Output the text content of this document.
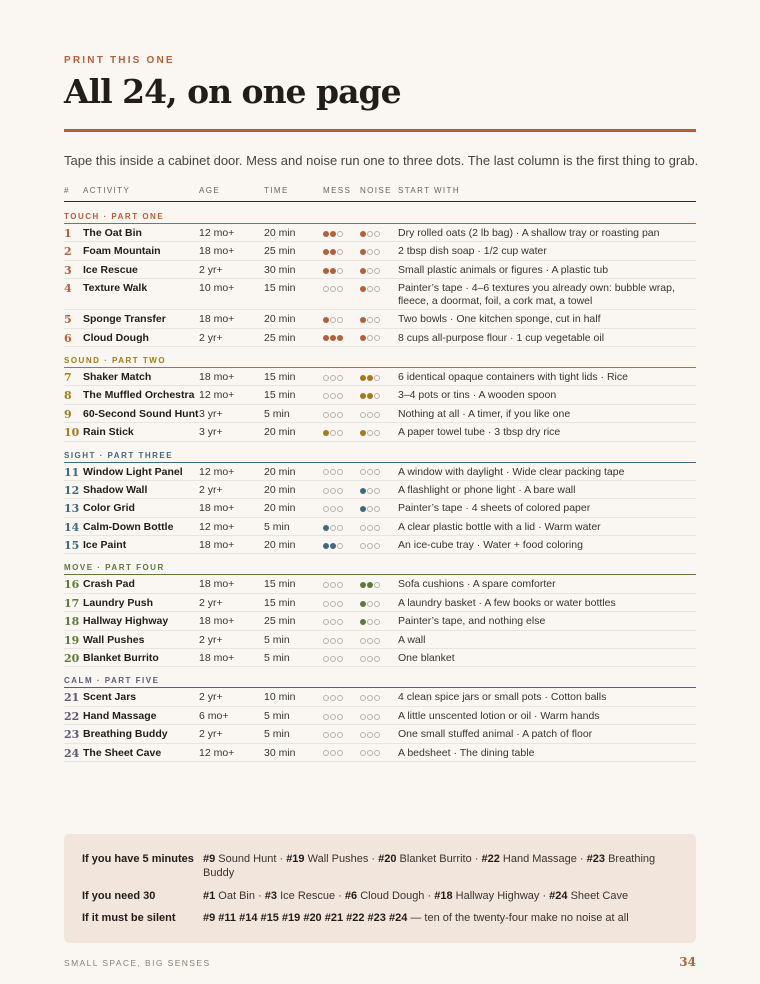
PRINT THIS ONE
All 24, on one page

Tape this inside a cabinet door. Mess and noise run one to three dots. The last column is the first thing to grab.

#	ACTIVITY	AGE	TIME	MESS NOISE START WITH
TOUCH · PART ONE
1	The Oat Bin	12 mo+	20 min	Dry rolled oats (2 lb bag) · A shallow tray or roasting pan
2	Foam Mountain	18 mo+	25 min	2 tbsp dish soap · 1/2 cup water
3	Ice Rescue	2 yr+	30 min	Small plastic animals or figures · A plastic tub
4	Texture Walk	10 mo+	15 min	Painter’s tape · 4–6 textures you already own: bubble wrap, fleece, a doormat, foil, a cork mat, a towel
5	Sponge Transfer	18 mo+	20 min	Two bowls · One kitchen sponge, cut in half
6	Cloud Dough	2 yr+	25 min	8 cups all-purpose flour · 1 cup vegetable oil
SOUND · PART TWO
7	Shaker Match	18 mo+	15 min	6 identical opaque containers with tight lids · Rice
8	The Muffled Orchestra 12 mo+	15 min	3–4 pots or tins · A wooden spoon
9	60-Second Sound Hunt 3 yr+	5 min	Nothing at all · A timer, if you like one
10 Rain Stick	3 yr+	20 min	A paper towel tube · 3 tbsp dry rice
SIGHT · PART THREE
11 Window Light Panel	12 mo+	20 min	A window with daylight · Wide clear packing tape
12 Shadow Wall	2 yr+	20 min	A flashlight or phone light · A bare wall
13 Color Grid	18 mo+	20 min	Painter’s tape · 4 sheets of colored paper
14 Calm-Down Bottle	12 mo+	5 min	A clear plastic bottle with a lid · Warm water
15 Ice Paint	18 mo+	20 min	An ice-cube tray · Water + food coloring
MOVE · PART FOUR
16 Crash Pad	18 mo+	15 min	Sofa cushions · A spare comforter
17 Laundry Push	2 yr+	15 min	A laundry basket · A few books or water bottles
18 Hallway Highway	18 mo+	25 min	Painter’s tape, and nothing else
19 Wall Pushes	2 yr+	5 min	A wall
20 Blanket Burrito	18 mo+	5 min	One blanket
CALM · PART FIVE
21 Scent Jars	2 yr+	10 min	4 clean spice jars or small pots · Cotton balls
22 Hand Massage	6 mo+	5 min	A little unscented lotion or oil · Warm hands
23 Breathing Buddy	2 yr+	5 min	One small stuffed animal · A patch of floor
24 The Sheet Cave	12 mo+	30 min	A bedsheet · The dining table
If you have 5 minutes #9 Sound Hunt · #19 Wall Pushes · #20 Blanket Burrito · #22 Hand Massage · #23 Breathing Buddy
If you need 30	#1 Oat Bin · #3 Ice Rescue · #6 Cloud Dough · #18 Hallway Highway · #24 Sheet Cave
If it must be silent #9 #11 #14 #15 #19 #20 #21 #22 #23 #24 — ten of the twenty-four make no noise at all
SMALL SPACE, BIG SENSES	34
